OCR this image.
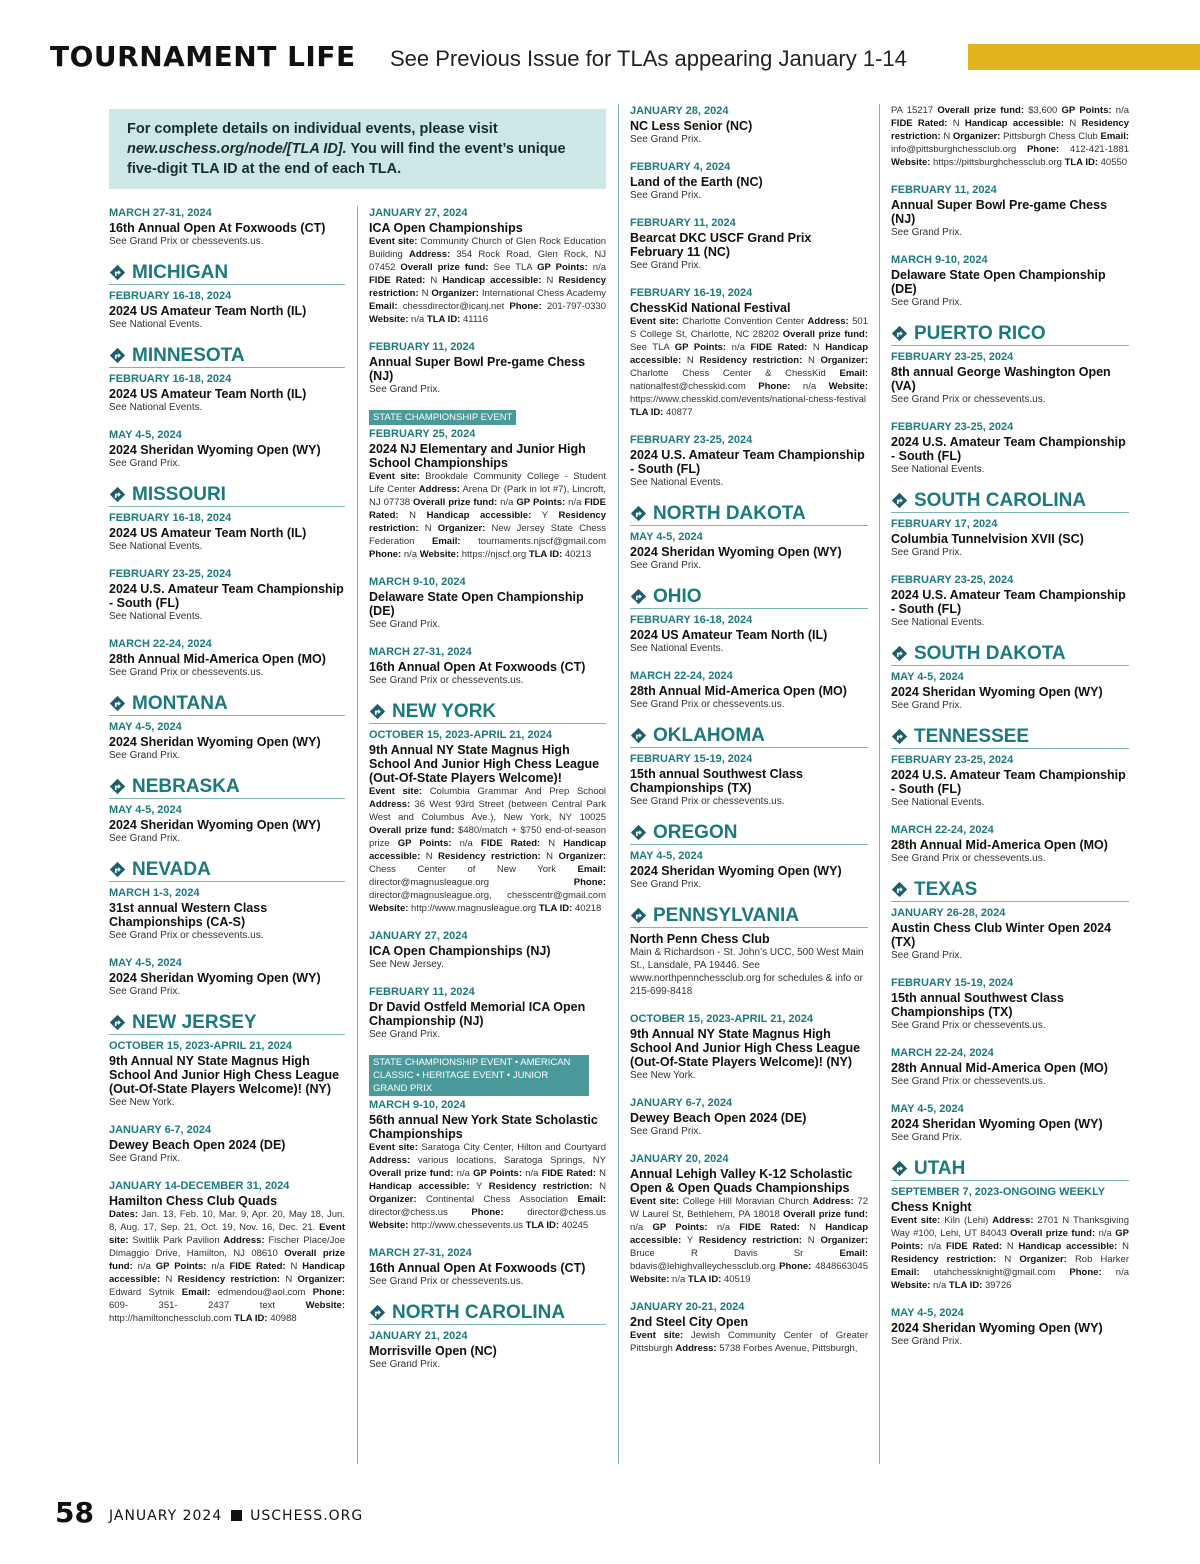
TOURNAMENT LIFE See Previous Issue for TLAs appearing January 1-14
For complete details on individual events, please visit
new.uschess.org/node/[TLA ID]. You will find the event’s unique
five-digit TLA ID at the end of each TLA.
MARCH 27-31, 2024
16th Annual Open At Foxwoods (CT)
See Grand Prix or chessevents.us.
MICHIGAN
FEBRUARY 16-18, 2024
2024 US Amateur Team North (IL)
See National Events.
MINNESOTA
FEBRUARY 16-18, 2024
2024 US Amateur Team North (IL)
See National Events.
MAY 4-5, 2024
2024 Sheridan Wyoming Open (WY)
See Grand Prix.
MISSOURI
FEBRUARY 16-18, 2024
2024 US Amateur Team North (IL)
See National Events.
FEBRUARY 23-25, 2024
2024 U.S. Amateur Team Championship - South (FL)
See National Events.
MARCH 22-24, 2024
28th Annual Mid-America Open (MO)
See Grand Prix or chessevents.us.
MONTANA
MAY 4-5, 2024
2024 Sheridan Wyoming Open (WY)
See Grand Prix.
NEBRASKA
MAY 4-5, 2024
2024 Sheridan Wyoming Open (WY)
See Grand Prix.
NEVADA
MARCH 1-3, 2024
31st annual Western Class Championships (CA-S)
See Grand Prix or chessevents.us.
MAY 4-5, 2024
2024 Sheridan Wyoming Open (WY)
See Grand Prix.
NEW JERSEY
OCTOBER 15, 2023-APRIL 21, 2024
9th Annual NY State Magnus High School And Junior High Chess League (Out-Of-State Players Welcome)! (NY)
See New York.
JANUARY 6-7, 2024
Dewey Beach Open 2024 (DE)
See Grand Prix.
JANUARY 14-DECEMBER 31, 2024
Hamilton Chess Club Quads
Dates: Jan. 13, Feb. 10, Mar. 9, Apr. 20, May 18, Jun. 8, Aug. 17, Sep. 21, Oct. 19, Nov. 16, Dec. 21. Event site: Switlik Park Pavilion Address: Fischer Place/Joe Dimaggio Drive, Hamilton, NJ 08610 Overall prize fund: n/a GP Points: n/a FIDE Rated: N Handicap accessible: N Residency restriction: N Organizer: Edward Sytnik Email: edmendou@aol.com Phone: 609- 351- 2437 text Website: http://hamiltonchessclub.com TLA ID: 40988
JANUARY 27, 2024
ICA Open Championships
Event site: Community Church of Glen Rock Education Building Address: 354 Rock Road, Glen Rock, NJ 07452 Overall prize fund: See TLA GP Points: n/a FIDE Rated: N Handicap accessible: N Residency restriction: N Organizer: International Chess Academy Email: chessdirector@icanj.net Phone: 201-797-0330 Website: n/a TLA ID: 41116
FEBRUARY 11, 2024
Annual Super Bowl Pre-game Chess (NJ)
See Grand Prix.
STATE CHAMPIONSHIP EVENT
FEBRUARY 25, 2024
2024 NJ Elementary and Junior High School Championships
Event site: Brookdale Community College - Student Life Center Address: Arena Dr (Park in lot #7), Lincroft, NJ 07738 Overall prize fund: n/a GP Points: n/a FIDE Rated: N Handicap accessible: Y Residency restriction: N Organizer: New Jersey State Chess Federation Email: tournaments.njscf@gmail.com Phone: n/a Website: https://njscf.org TLA ID: 40213
MARCH 9-10, 2024
Delaware State Open Championship (DE)
See Grand Prix.
MARCH 27-31, 2024
16th Annual Open At Foxwoods (CT)
See Grand Prix or chessevents.us.
NEW YORK
OCTOBER 15, 2023-APRIL 21, 2024
9th Annual NY State Magnus High School And Junior High Chess League (Out-Of-State Players Welcome)!
Event site: Columbia Grammar And Prep School Address: 36 West 93rd Street (between Central Park West and Columbus Ave.), New York, NY 10025 Overall prize fund: $480/match + $750 end-of-season prize GP Points: n/a FIDE Rated: N Handicap accessible: N Residency restriction: N Organizer: Chess Center of New York Email: director@magnusleague.org Phone: director@magnusleague.org, chesscentr@gmail.com Website: http://www.magnusleague.org TLA ID: 40218
JANUARY 27, 2024
ICA Open Championships (NJ)
See New Jersey.
FEBRUARY 11, 2024
Dr David Ostfeld Memorial ICA Open Championship (NJ)
See Grand Prix.
STATE CHAMPIONSHIP EVENT • AMERICAN CLASSIC • HERITAGE EVENT • JUNIOR GRAND PRIX
MARCH 9-10, 2024
56th annual New York State Scholastic Championships
Event site: Saratoga City Center, Hilton and Courtyard Address: various locations, Saratoga Springs, NY Overall prize fund: n/a GP Points: n/a FIDE Rated: N Handicap accessible: Y Residency restriction: N Organizer: Continental Chess Association Email: director@chess.us Phone: director@chess.us Website: http://www.chessevents.us TLA ID: 40245
MARCH 27-31, 2024
16th Annual Open At Foxwoods (CT)
See Grand Prix or chessevents.us.
NORTH CAROLINA
JANUARY 21, 2024
Morrisville Open (NC)
See Grand Prix.
JANUARY 28, 2024
NC Less Senior (NC)
See Grand Prix.
FEBRUARY 4, 2024
Land of the Earth (NC)
See Grand Prix.
FEBRUARY 11, 2024
Bearcat DKC USCF Grand Prix February 11 (NC)
See Grand Prix.
FEBRUARY 16-19, 2024
ChessKid National Festival
Event site: Charlotte Convention Center Address: 501 S College St, Charlotte, NC 28202 Overall prize fund: See TLA GP Points: n/a FIDE Rated: N Handicap accessible: N Residency restriction: N Organizer: Charlotte Chess Center & ChessKid Email: nationalfest@chesskid.com Phone: n/a Website: https://www.chesskid.com/events/national-chess-festival TLA ID: 40877
FEBRUARY 23-25, 2024
2024 U.S. Amateur Team Championship - South (FL)
See National Events.
NORTH DAKOTA
MAY 4-5, 2024
2024 Sheridan Wyoming Open (WY)
See Grand Prix.
OHIO
FEBRUARY 16-18, 2024
2024 US Amateur Team North (IL)
See National Events.
MARCH 22-24, 2024
28th Annual Mid-America Open (MO)
See Grand Prix or chessevents.us.
OKLAHOMA
FEBRUARY 15-19, 2024
15th annual Southwest Class Championships (TX)
See Grand Prix or chessevents.us.
OREGON
MAY 4-5, 2024
2024 Sheridan Wyoming Open (WY)
See Grand Prix.
PENNSYLVANIA
North Penn Chess Club
Main & Richardson - St. John’s UCC, 500 West Main St., Lansdale, PA 19446. See www.northpennchessclub.org for schedules & info or 215-699-8418
OCTOBER 15, 2023-APRIL 21, 2024
9th Annual NY State Magnus High School And Junior High Chess League (Out-Of-State Players Welcome)! (NY)
See New York.
JANUARY 6-7, 2024
Dewey Beach Open 2024 (DE)
See Grand Prix.
JANUARY 20, 2024
Annual Lehigh Valley K-12 Scholastic Open & Open Quads Championships
Event site: College Hill Moravian Church Address: 72 W Laurel St, Bethlehem, PA 18018 Overall prize fund: n/a GP Points: n/a FIDE Rated: N Handicap accessible: Y Residency restriction: N Organizer: Bruce R Davis Sr Email: bdavis@lehighvalleychessclub.org Phone: 4848663045 Website: n/a TLA ID: 40519
JANUARY 20-21, 2024
2nd Steel City Open
Event site: Jewish Community Center of Greater Pittsburgh Address: 5738 Forbes Avenue, Pittsburgh,
PA 15217 Overall prize fund: $3,600 GP Points: n/a FIDE Rated: N Handicap accessible: N Residency restriction: N Organizer: Pittsburgh Chess Club Email: info@pittsburghchessclub.org Phone: 412-421-1881 Website: https://pittsburghchessclub.org TLA ID: 40550
FEBRUARY 11, 2024
Annual Super Bowl Pre-game Chess (NJ)
See Grand Prix.
MARCH 9-10, 2024
Delaware State Open Championship (DE)
See Grand Prix.
PUERTO RICO
FEBRUARY 23-25, 2024
8th annual George Washington Open (VA)
See Grand Prix or chessevents.us.
FEBRUARY 23-25, 2024
2024 U.S. Amateur Team Championship - South (FL)
See National Events.
SOUTH CAROLINA
FEBRUARY 17, 2024
Columbia Tunnelvision XVII (SC)
See Grand Prix.
FEBRUARY 23-25, 2024
2024 U.S. Amateur Team Championship - South (FL)
See National Events.
SOUTH DAKOTA
MAY 4-5, 2024
2024 Sheridan Wyoming Open (WY)
See Grand Prix.
TENNESSEE
FEBRUARY 23-25, 2024
2024 U.S. Amateur Team Championship - South (FL)
See National Events.
MARCH 22-24, 2024
28th Annual Mid-America Open (MO)
See Grand Prix or chessevents.us.
TEXAS
JANUARY 26-28, 2024
Austin Chess Club Winter Open 2024 (TX)
See Grand Prix.
FEBRUARY 15-19, 2024
15th annual Southwest Class Championships (TX)
See Grand Prix or chessevents.us.
MARCH 22-24, 2024
28th Annual Mid-America Open (MO)
See Grand Prix or chessevents.us.
MAY 4-5, 2024
2024 Sheridan Wyoming Open (WY)
See Grand Prix.
UTAH
SEPTEMBER 7, 2023-ONGOING WEEKLY
Chess Knight
Event site: Kiln (Lehi) Address: 2701 N Thanksgiving Way #100, Lehi, UT 84043 Overall prize fund: n/a GP Points: n/a FIDE Rated: N Handicap accessible: N Residency restriction: N Organizer: Rob Harker Email: utahchessknight@gmail.com Phone: n/a Website: n/a TLA ID: 39726
MAY 4-5, 2024
2024 Sheridan Wyoming Open (WY)
See Grand Prix.
58 JANUARY 2024 USCHESS.ORG
